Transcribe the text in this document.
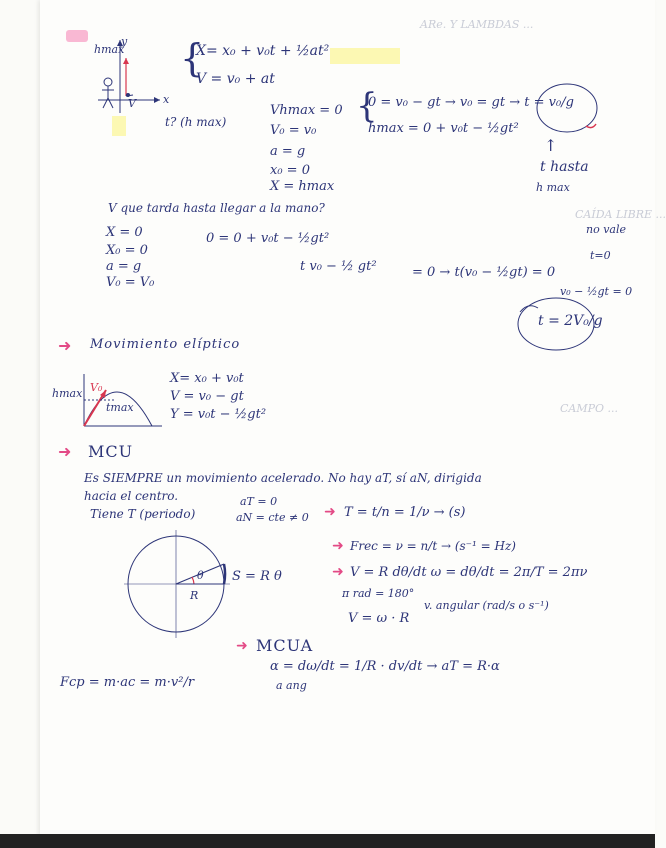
ARe. Y LAMBDAS ...
CAÍDA LIBRE ...
CAMPO ...
hmax
y
x
V
{
X= x₀ + v₀t + ½at²
V = v₀ + at
t? (h max)
Vhmax = 0
V₀ = v₀
a = g
x₀ = 0
X = hmax
{
0 = v₀ − gt → v₀ = gt → t = v₀/g
hmax = 0 + v₀t − ½gt²
t hasta
h max
↑
V que tarda hasta llegar a la mano?
X = 0
X₀ = 0
a = g
V₀ = V₀
0 = 0 + v₀t − ½gt²
t v₀ − ½ gt²	= 0 → t(v₀ − ½gt) = 0
no vale
t=0
v₀ − ½gt = 0
t = 2V₀/g
➜ Movimiento elíptico
hmax V₀
tmax
X= x₀ + v₀t
V = v₀ − gt
Y = v₀t − ½gt²
➜ MCU
Es SIEMPRE un movimiento acelerado. No hay aT, sí aN, dirigida
hacia el centro.
Tiene T (periodo)
aT = 0
aN = cte ≠ 0 ➜ T = t/n = 1/ν → (s)
θ
R
S = R θ
➜ Frec = ν = n/t → (s⁻¹ = Hz)
➜ V = R dθ/dt ω = dθ/dt = 2π/T = 2πν
π rad = 180°
v. angular (rad/s o s⁻¹)
V = ω · R
➜ MCUA
α = dω/dt = 1/R · dv/dt → aT = R·α
a ang
Fcp = m·ac = m·v²/r
